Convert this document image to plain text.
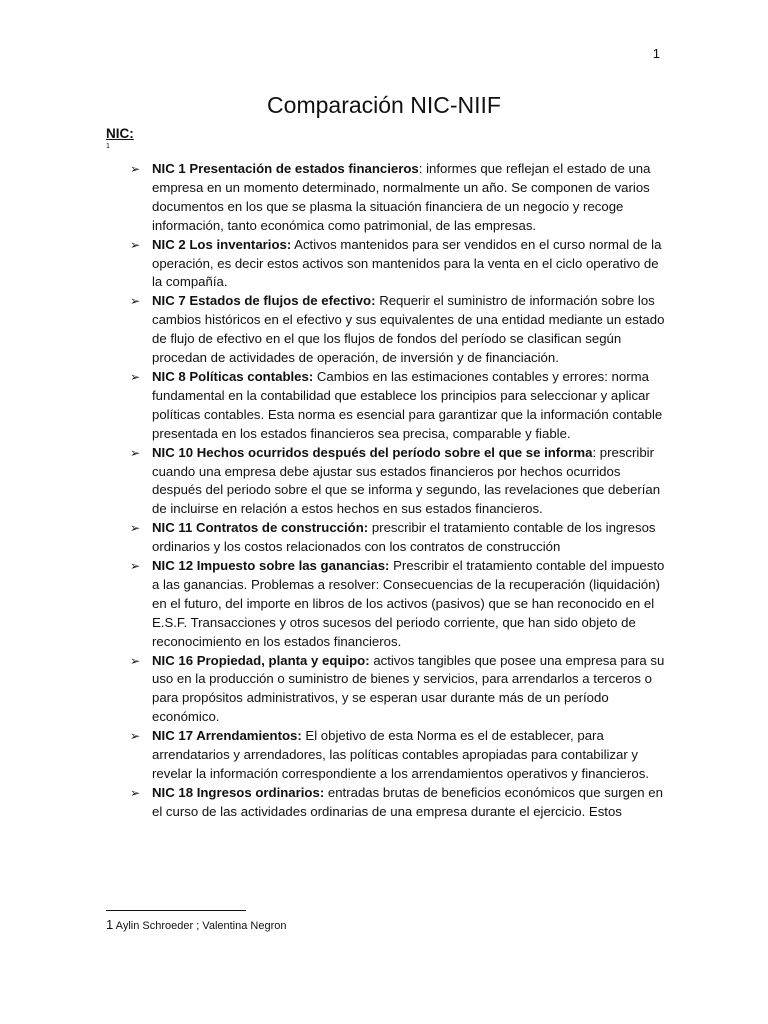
1
Comparación NIC-NIIF
NIC:
1
➢ NIC 1 Presentación de estados financieros: informes que reflejan el estado de una empresa en un momento determinado, normalmente un año. Se componen de varios documentos en los que se plasma la situación financiera de un negocio y recoge información, tanto económica como patrimonial, de las empresas.
➢ NIC 2 Los inventarios: Activos mantenidos para ser vendidos en el curso normal de la operación, es decir estos activos son mantenidos para la venta en el ciclo operativo de la compañía.
➢ NIC 7 Estados de flujos de efectivo: Requerir el suministro de información sobre los cambios históricos en el efectivo y sus equivalentes de una entidad mediante un estado de flujo de efectivo en el que los flujos de fondos del período se clasifican según procedan de actividades de operación, de inversión y de financiación.
➢ NIC 8 Políticas contables: Cambios en las estimaciones contables y errores: norma fundamental en la contabilidad que establece los principios para seleccionar y aplicar políticas contables. Esta norma es esencial para garantizar que la información contable presentada en los estados financieros sea precisa, comparable y fiable.
➢ NIC 10 Hechos ocurridos después del período sobre el que se informa: prescribir cuando una empresa debe ajustar sus estados financieros por hechos ocurridos después del periodo sobre el que se informa y segundo, las revelaciones que deberían de incluirse en relación a estos hechos en sus estados financieros.
➢ NIC 11 Contratos de construcción: prescribir el tratamiento contable de los ingresos ordinarios y los costos relacionados con los contratos de construcción
➢ NIC 12 Impuesto sobre las ganancias: Prescribir el tratamiento contable del impuesto a las ganancias. Problemas a resolver: Consecuencias de la recuperación (liquidación) en el futuro, del importe en libros de los activos (pasivos) que se han reconocido en el E.S.F. Transacciones y otros sucesos del periodo corriente, que han sido objeto de reconocimiento en los estados financieros.
➢ NIC 16 Propiedad, planta y equipo: activos tangibles que posee una empresa para su uso en la producción o suministro de bienes y servicios, para arrendarlos a terceros o para propósitos administrativos, y se esperan usar durante más de un período económico.
➢ NIC 17 Arrendamientos: El objetivo de esta Norma es el de establecer, para arrendatarios y arrendadores, las políticas contables apropiadas para contabilizar y revelar la información correspondiente a los arrendamientos operativos y financieros.
➢ NIC 18 Ingresos ordinarios: entradas brutas de beneficios económicos que surgen en el curso de las actividades ordinarias de una empresa durante el ejercicio. Estos
1 Aylin Schroeder ; Valentina Negron
